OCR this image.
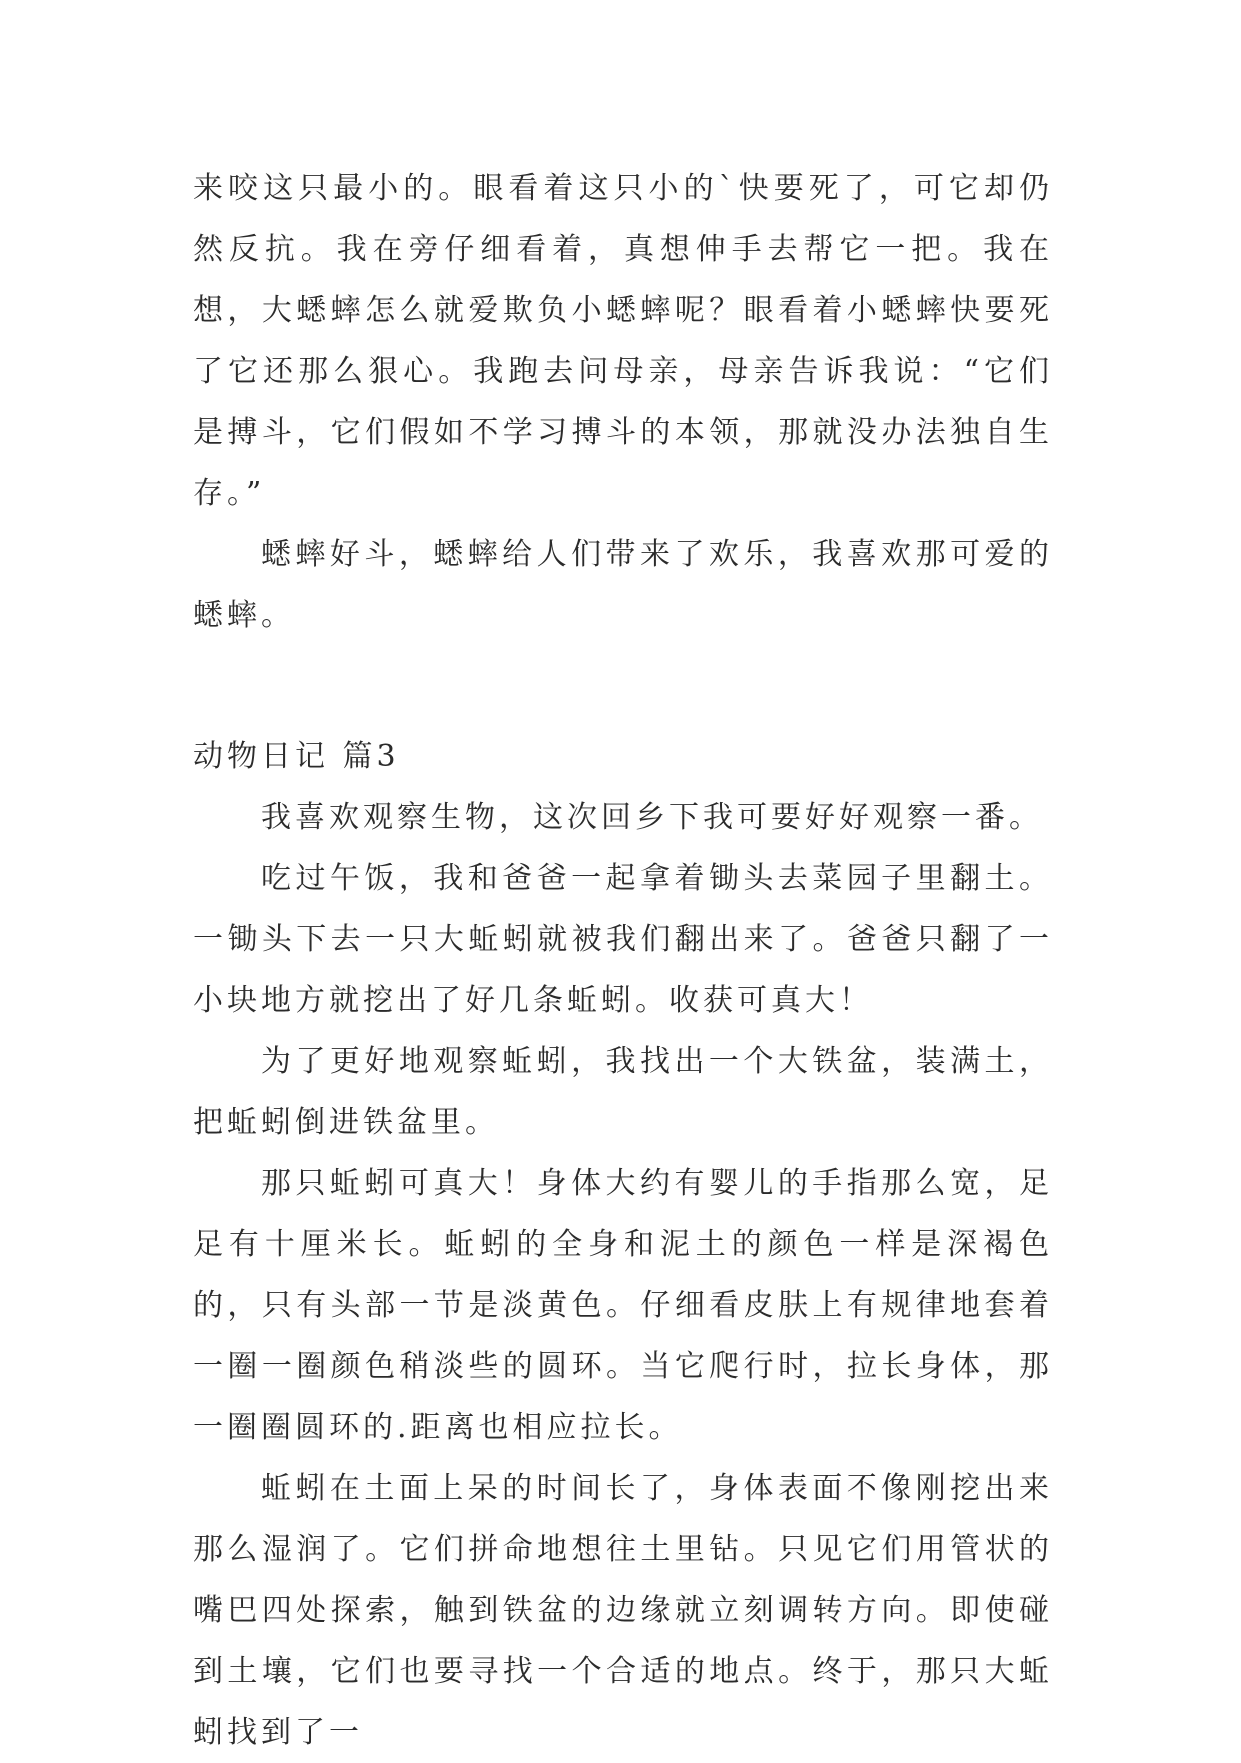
来咬这只最小的。眼看着这只小的`快要死了，可它却仍然反抗。我在旁仔细看着，真想伸手去帮它一把。我在想，大蟋蟀怎么就爱欺负小蟋蟀呢？眼看着小蟋蟀快要死了它还那么狠心。我跑去问母亲，母亲告诉我说：“它们是搏斗，它们假如不学习搏斗的本领，那就没办法独自生存。”

蟋蟀好斗，蟋蟀给人们带来了欢乐，我喜欢那可爱的蟋蟀。

动物日记 篇3

我喜欢观察生物，这次回乡下我可要好好观察一番。

吃过午饭，我和爸爸一起拿着锄头去菜园子里翻土。一锄头下去一只大蚯蚓就被我们翻出来了。爸爸只翻了一小块地方就挖出了好几条蚯蚓。收获可真大！

为了更好地观察蚯蚓，我找出一个大铁盆，装满土，把蚯蚓倒进铁盆里。

那只蚯蚓可真大！身体大约有婴儿的手指那么宽，足足有十厘米长。蚯蚓的全身和泥土的颜色一样是深褐色的，只有头部一节是淡黄色。仔细看皮肤上有规律地套着一圈一圈颜色稍淡些的圆环。当它爬行时，拉长身体，那一圈圈圆环的.距离也相应拉长。

蚯蚓在土面上呆的时间长了，身体表面不像刚挖出来那么湿润了。它们拼命地想往土里钻。只见它们用管状的嘴巴四处探索，触到铁盆的边缘就立刻调转方向。即使碰到土壤，它们也要寻找一个合适的地点。终于，那只大蚯蚓找到了一
